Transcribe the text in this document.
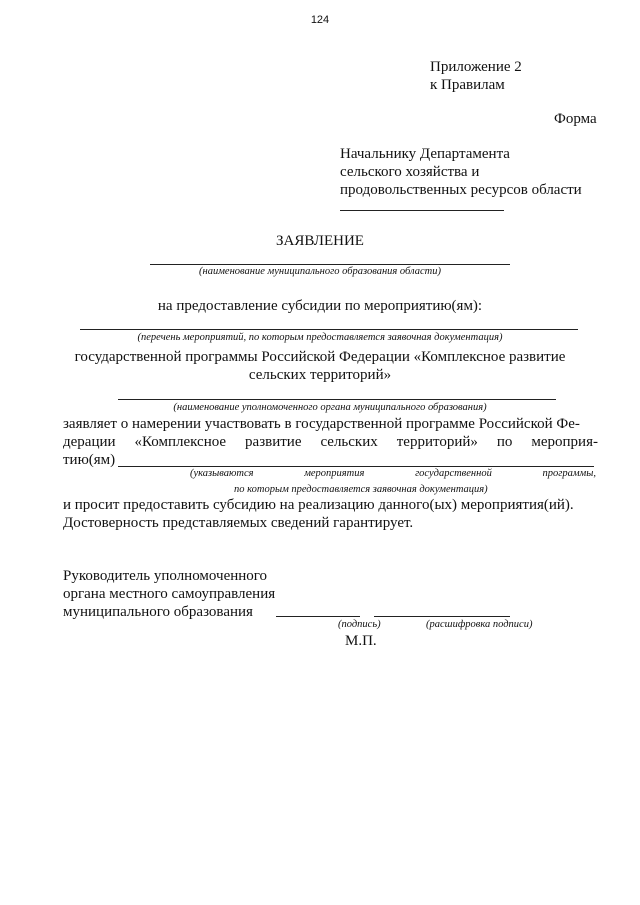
124
Приложение 2
к Правилам
Форма
Начальнику Департамента
сельского хозяйства и
продовольственных ресурсов области
ЗАЯВЛЕНИЕ
(наименование муниципального образования области)
на предоставление субсидии по мероприятию(ям):
(перечень мероприятий, по которым предоставляется заявочная документация)
государственной программы Российской Федерации «Комплексное развитие
сельских территорий»
(наименование уполномоченного органа муниципального образования)
заявляет о намерении участвовать в государственной программе Российской Фе-
дерации «Комплексное развитие сельских территорий» по мероприя-
тию(ям)
(указываются	мероприятия	государственной	программы,
по которым предоставляется заявочная документация)
и просит предоставить субсидию на реализацию данного(ых) мероприятия(ий).
Достоверность представляемых сведений гарантирует.
Руководитель уполномоченного
органа местного самоуправления
муниципального образования
(подпись)	(расшифровка подписи)
М.П.
